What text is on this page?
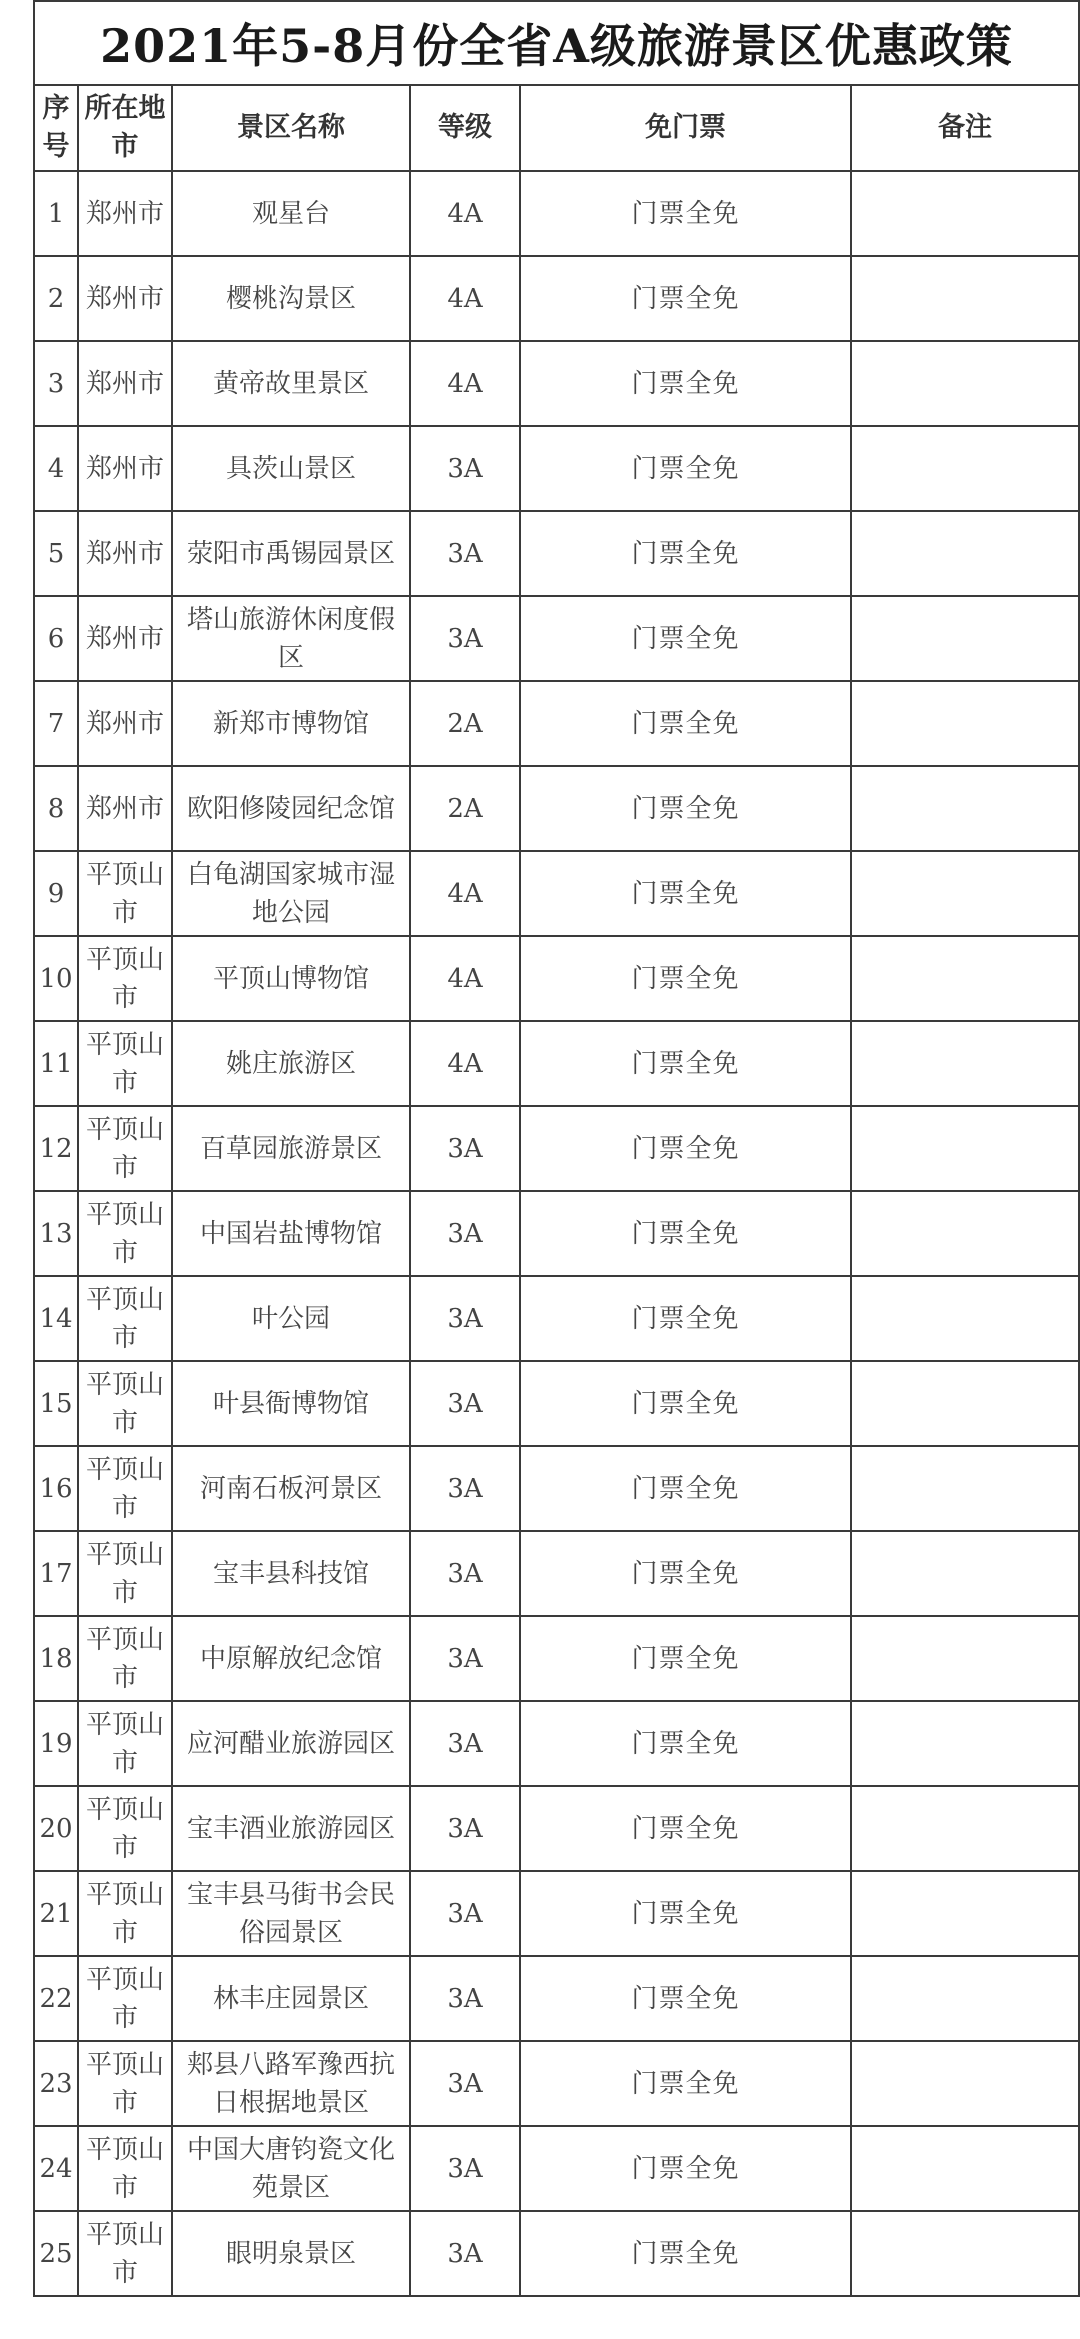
2021年5-8月份全省A级旅游景区优惠政策					
序号	所在地市	景区名称	等级	免门票	备注
1	郑州市	观星台	4A	门票全免	
2	郑州市	樱桃沟景区	4A	门票全免	
3	郑州市	黄帝故里景区	4A	门票全免	
4	郑州市	具茨山景区	3A	门票全免	
5	郑州市	荥阳市禹锡园景区	3A	门票全免	
6	郑州市	塔山旅游休闲度假区	3A	门票全免	
7	郑州市	新郑市博物馆	2A	门票全免	
8	郑州市	欧阳修陵园纪念馆	2A	门票全免	
9	平顶山市	白龟湖国家城市湿地公园	4A	门票全免	
10	平顶山市	平顶山博物馆	4A	门票全免	
11	平顶山市	姚庄旅游区	4A	门票全免	
12	平顶山市	百草园旅游景区	3A	门票全免	
13	平顶山市	中国岩盐博物馆	3A	门票全免	
14	平顶山市	叶公园	3A	门票全免	
15	平顶山市	叶县衙博物馆	3A	门票全免	
16	平顶山市	河南石板河景区	3A	门票全免	
17	平顶山市	宝丰县科技馆	3A	门票全免	
18	平顶山市	中原解放纪念馆	3A	门票全免	
19	平顶山市	应河醋业旅游园区	3A	门票全免	
20	平顶山市	宝丰酒业旅游园区	3A	门票全免	
21	平顶山市	宝丰县马街书会民俗园景区	3A	门票全免	
22	平顶山市	林丰庄园景区	3A	门票全免	
23	平顶山市	郏县八路军豫西抗日根据地景区	3A	门票全免	
24	平顶山市	中国大唐钧瓷文化苑景区	3A	门票全免	
25	平顶山市	眼明泉景区	3A	门票全免	
